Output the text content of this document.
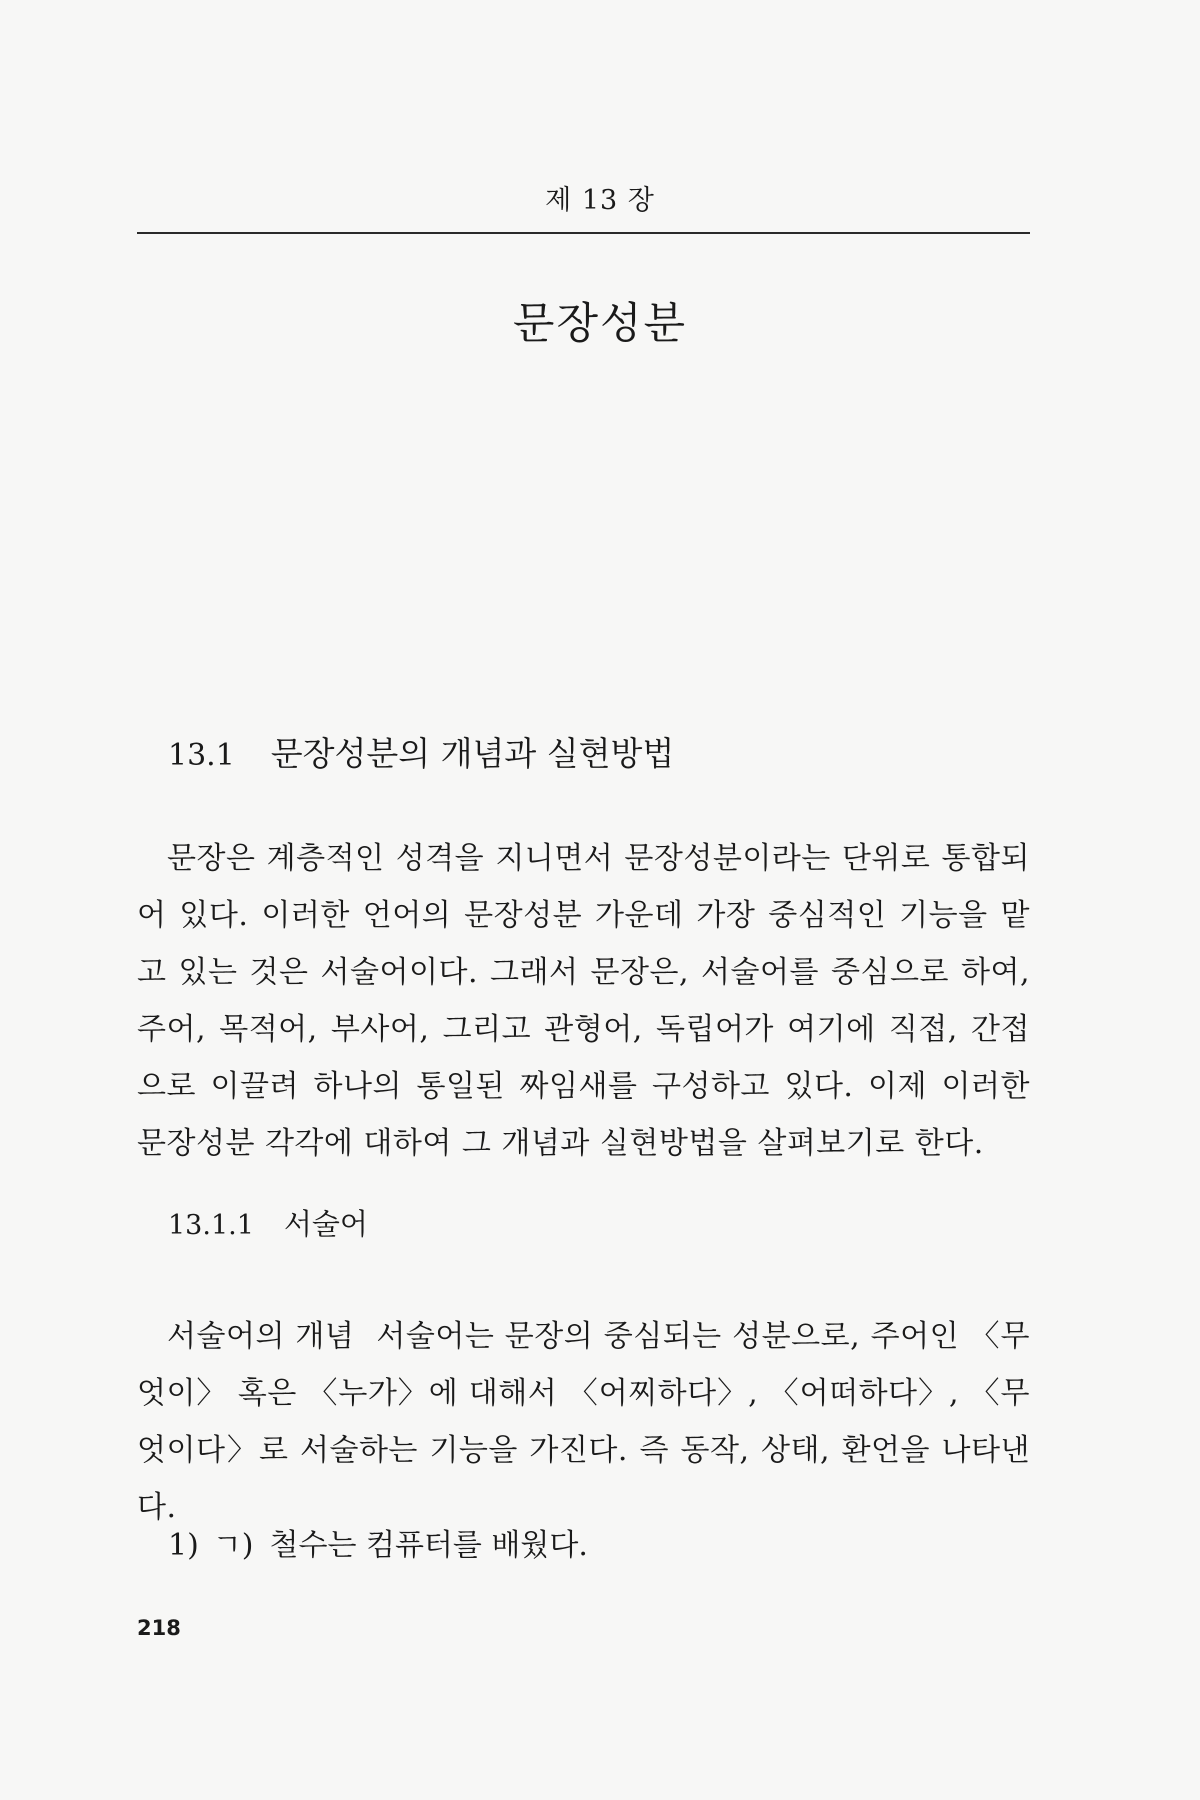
제 13 장
문장성분
13.1 문장성분의 개념과 실현방법

문장은 계층적인 성격을 지니면서 문장성분이라는 단위로 통합되어 있다. 이러한 언어의 문장성분 가운데 가장 중심적인 기능을 맡고 있는 것은 서술어이다. 그래서 문장은, 서술어를 중심으로 하여, 주어, 목적어, 부사어, 그리고 관형어, 독립어가 여기에 직접, 간접으로 이끌려 하나의 통일된 짜임새를 구성하고 있다. 이제 이러한 문장성분 각각에 대하여 그 개념과 실현방법을 살펴보기로 한다.

13.1.1 서술어

서술어의 개념 서술어는 문장의 중심되는 성분으로, 주어인 〈무엇이〉 혹은 〈누가〉에 대해서 〈어찌하다〉, 〈어떠하다〉, 〈무엇이다〉로 서술하는 기능을 가진다. 즉 동작, 상태, 환언을 나타낸다.

1) ㄱ) 철수는 컴퓨터를 배웠다.
218
